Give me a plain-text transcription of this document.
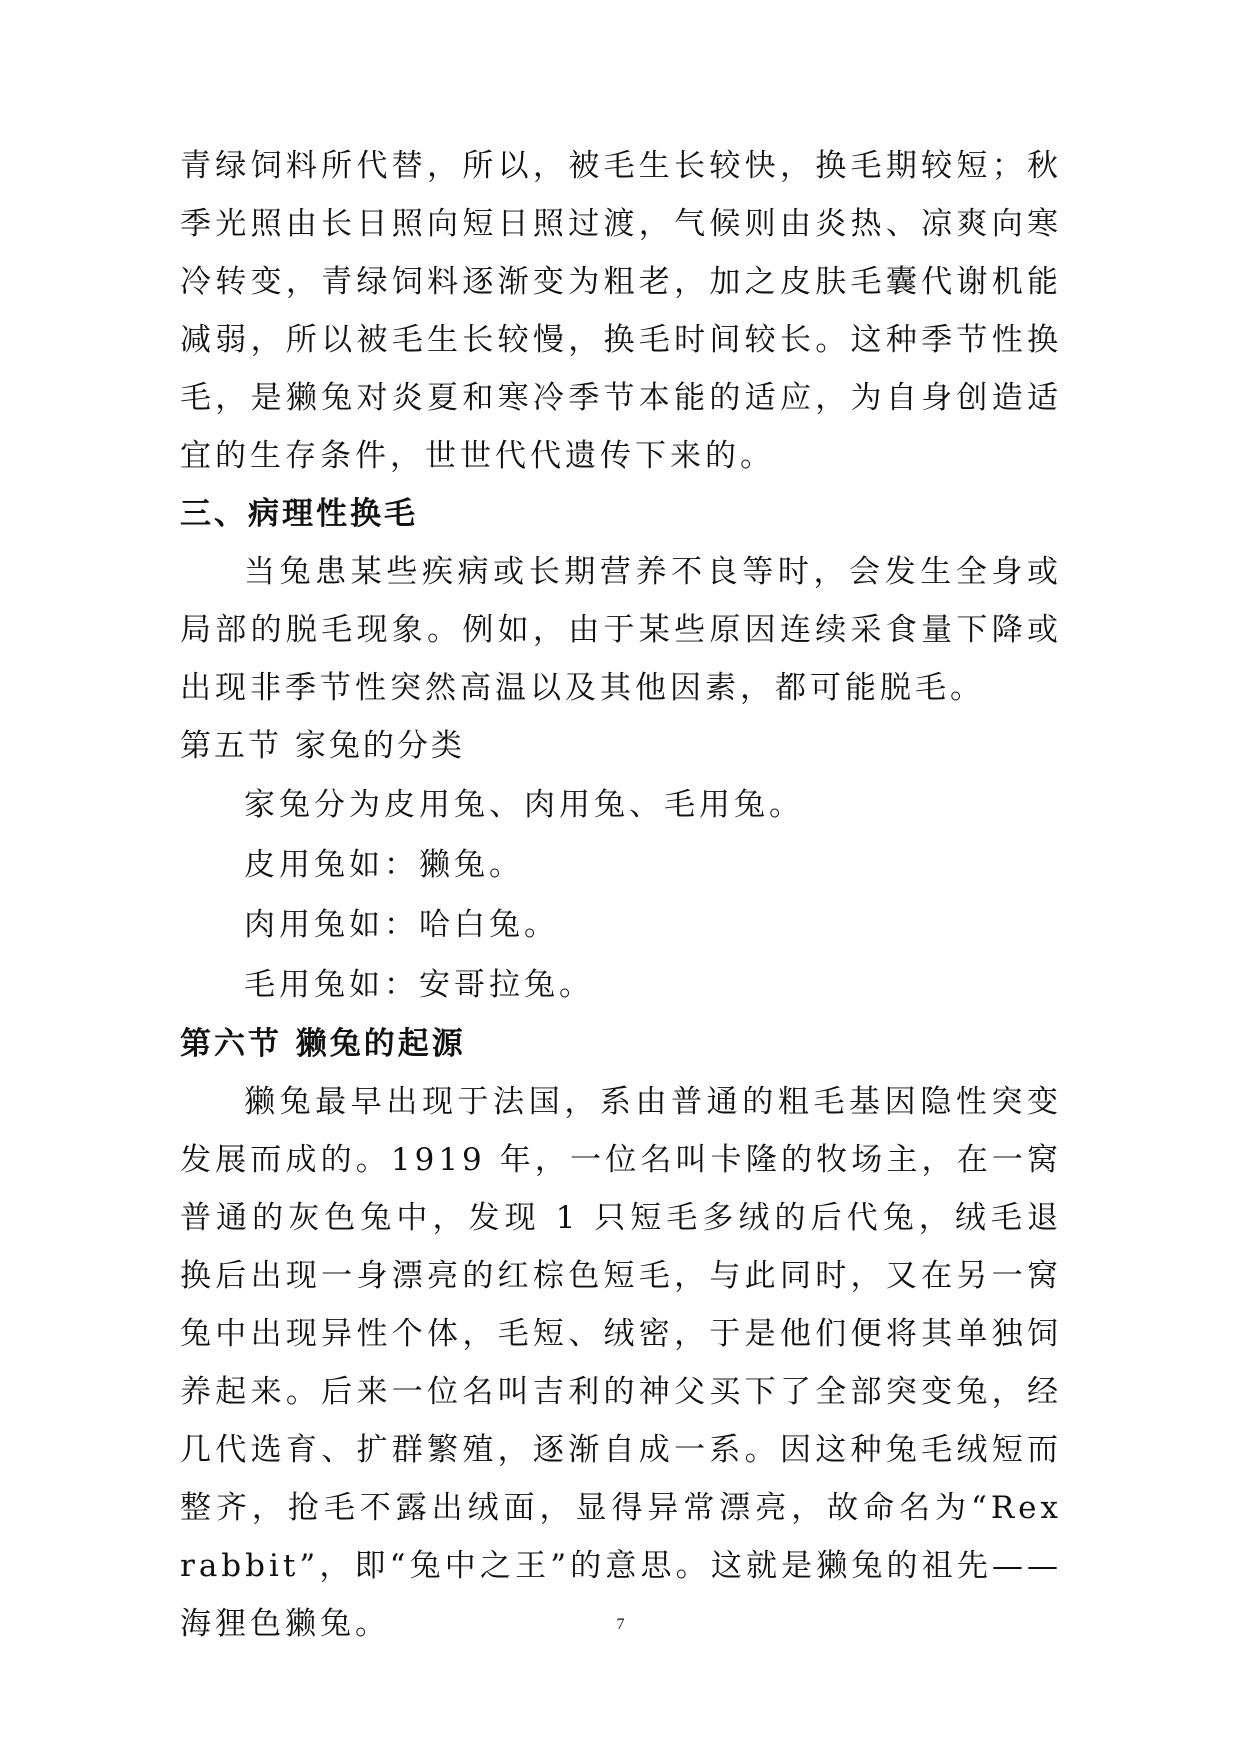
青绿饲料所代替，所以，被毛生长较快，换毛期较短；秋季光照由长日照向短日照过渡，气候则由炎热、凉爽向寒冷转变，青绿饲料逐渐变为粗老，加之皮肤毛囊代谢机能减弱，所以被毛生长较慢，换毛时间较长。这种季节性换毛，是獭兔对炎夏和寒冷季节本能的适应，为自身创造适宜的生存条件，世世代代遗传下来的。

三、病理性换毛

当兔患某些疾病或长期营养不良等时，会发生全身或局部的脱毛现象。例如，由于某些原因连续采食量下降或出现非季节性突然高温以及其他因素，都可能脱毛。

第五节 家兔的分类

家兔分为皮用兔、肉用兔、毛用兔。

皮用兔如：獭兔。

肉用兔如：哈白兔。

毛用兔如：安哥拉兔。

第六节 獭兔的起源

獭兔最早出现于法国，系由普通的粗毛基因隐性突变发展而成的。1919 年，一位名叫卡隆的牧场主，在一窝普通的灰色兔中，发现 1 只短毛多绒的后代兔，绒毛退换后出现一身漂亮的红棕色短毛，与此同时，又在另一窝兔中出现异性个体，毛短、绒密，于是他们便将其单独饲养起来。后来一位名叫吉利的神父买下了全部突变兔，经几代选育、扩群繁殖，逐渐自成一系。因这种兔毛绒短而整齐，抢毛不露出绒面，显得异常漂亮，故命名为“Rex rabbit”，即“兔中之王”的意思。这就是獭兔的祖先——海狸色獭兔。	7
